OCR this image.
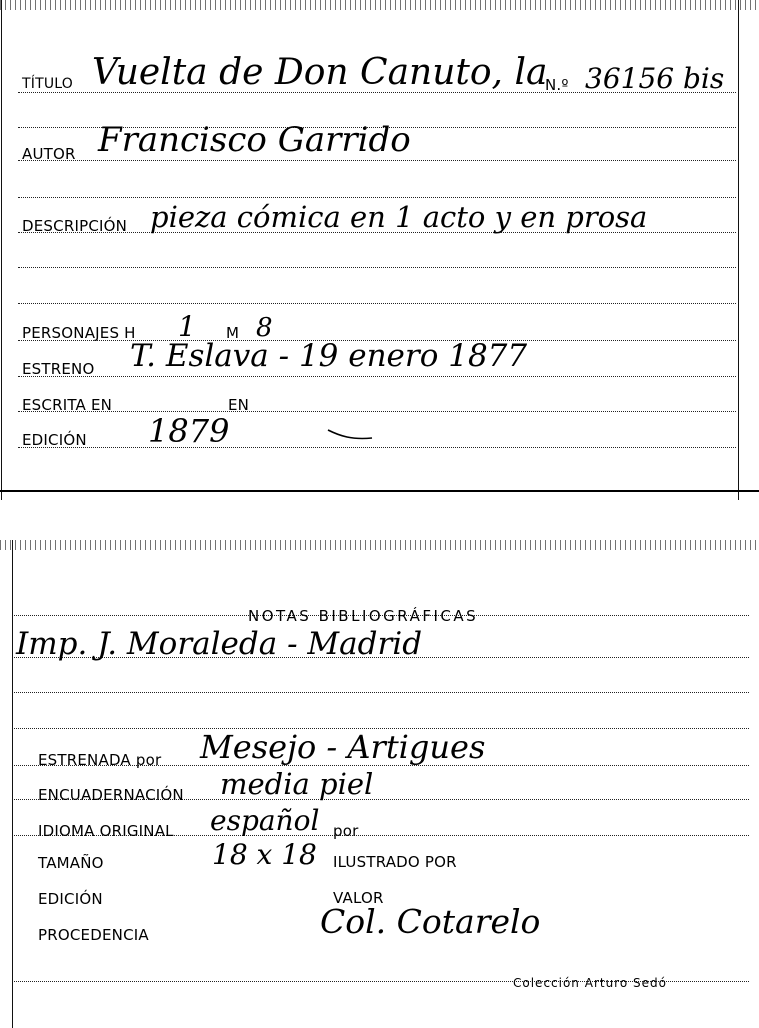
TÍTULO Vuelta de Don Canuto, la
N.º 36156 bis
AUTOR Francisco Garrido
DESCRIPCIÓN pieza cómica en 1 acto y en prosa
PERSONAJES H 1 M 8
ESTRENO T. Eslava - 19 enero 1877
ESCRITA EN	EN
EDICIÓN 1879
NOTAS BIBLIOGRÁFICAS
Imp. J. Moraleda - Madrid
ESTRENADA por Mesejo - Artigues
ENCUADERNACIÓN media piel
IDIOMA ORIGINAL español por
TAMAÑO	18 x 18 ILUSTRADO POR
EDICIÓN	VALOR
PROCEDENCIA	Col. Cotarelo
Colección Arturo Sedó
